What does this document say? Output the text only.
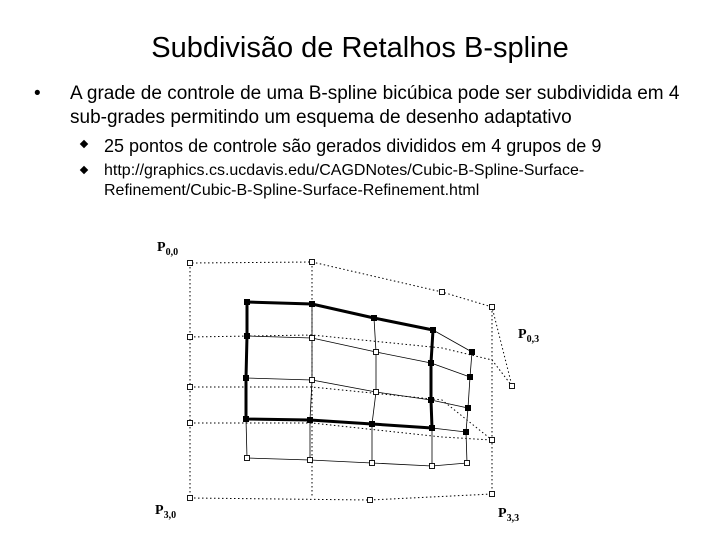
Subdivisão de Retalhos B-spline
• A grade de controle de uma B-spline bicúbica pode ser subdividida em 4 sub-grades permitindo um esquema de desenho adaptativo
25 pontos de controle são gerados divididos em 4 grupos de 9
http://graphics.cs.ucdavis.edu/CAGDNotes/Cubic-B-Spline-Surface-Refinement/Cubic-B-Spline-Surface-Refinement.html
$P_{0,0}$
$P_{0,3}$
$P_{3,0}$	$P_{3,3}$
